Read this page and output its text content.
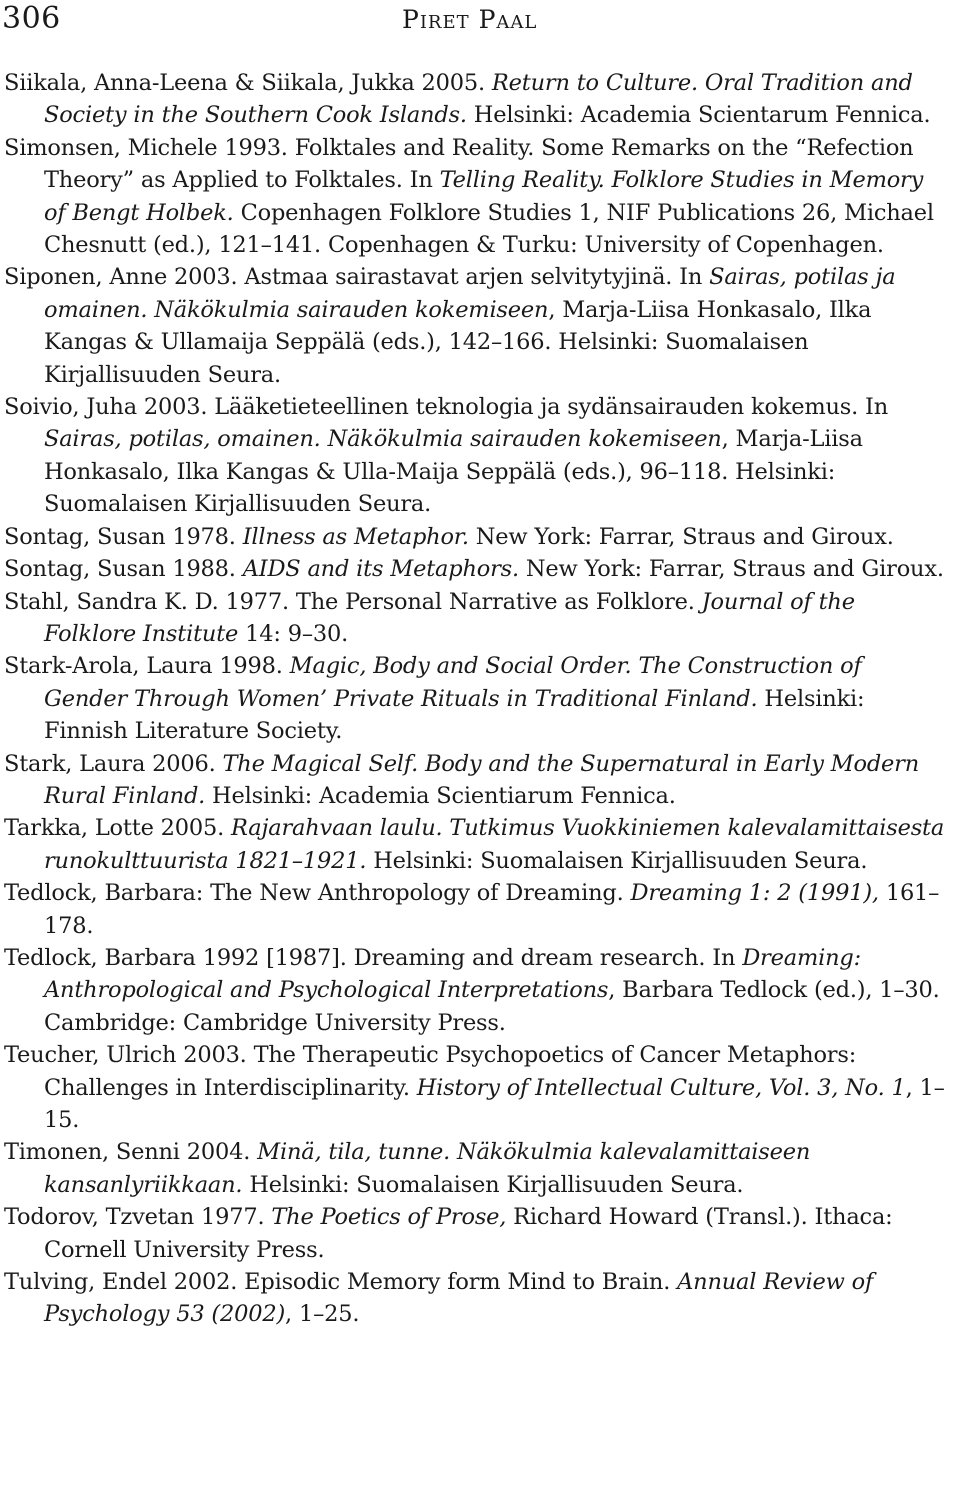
306	Piret Paal

Siikala, Anna-Leena & Siikala, Jukka 2005. Return to Culture. Oral Tradition and Society in the Southern Cook Islands. Helsinki: Academia Scientarum Fennica.

Simonsen, Michele 1993. Folktales and Reality. Some Remarks on the “Refection Theory” as Applied to Folktales. In Telling Reality. Folklore Studies in Memory of Bengt Holbek. Copenhagen Folklore Studies 1, NIF Publications 26, Michael Chesnutt (ed.), 121–141. Copenhagen & Turku: University of Copenhagen.

Siponen, Anne 2003. Astmaa sairastavat arjen selvitytyjinä. In Sairas, potilas ja omainen. Näkökulmia sairauden kokemiseen, Marja-Liisa Honkasalo, Ilka Kangas & Ullamaija Seppälä (eds.), 142–166. Helsinki: Suomalaisen Kirjallisuuden Seura.

Soivio, Juha 2003. Lääketieteellinen teknologia ja sydänsairauden kokemus. In Sairas, potilas, omainen. Näkökulmia sairauden kokemiseen, Marja-Liisa Honkasalo, Ilka Kangas & Ulla-Maija Seppälä (eds.), 96–118. Helsinki: Suomalaisen Kirjallisuuden Seura.

Sontag, Susan 1978. Illness as Metaphor. New York: Farrar, Straus and Giroux.

Sontag, Susan 1988. AIDS and its Metaphors. New York: Farrar, Straus and Giroux.

Stahl, Sandra K. D. 1977. The Personal Narrative as Folklore. Journal of the Folklore Institute 14: 9–30.

Stark-Arola, Laura 1998. Magic, Body and Social Order. The Construction of Gender Through Women’ Private Rituals in Traditional Finland. Helsinki: Finnish Literature Society.

Stark, Laura 2006. The Magical Self. Body and the Supernatural in Early Modern Rural Finland. Helsinki: Academia Scientiarum Fennica.

Tarkka, Lotte 2005. Rajarahvaan laulu. Tutkimus Vuokkiniemen kalevalamittaisesta runokulttuurista 1821–1921. Helsinki: Suomalaisen Kirjallisuuden Seura.

Tedlock, Barbara: The New Anthropology of Dreaming. Dreaming 1: 2 (1991), 161–178.

Tedlock, Barbara 1992 [1987]. Dreaming and dream research. In Dreaming: Anthropological and Psychological Interpretations, Barbara Tedlock (ed.), 1–30. Cambridge: Cambridge University Press.

Teucher, Ulrich 2003. The Therapeutic Psychopoetics of Cancer Metaphors: Challenges in Interdisciplinarity. History of Intellectual Culture, Vol. 3, No. 1, 1–15.

Timonen, Senni 2004. Minä, tila, tunne. Näkökulmia kalevalamittaiseen kansanlyriikkaan. Helsinki: Suomalaisen Kirjallisuuden Seura.

Todorov, Tzvetan 1977. The Poetics of Prose, Richard Howard (Transl.). Ithaca: Cornell University Press.

Tulving, Endel 2002. Episodic Memory form Mind to Brain. Annual Review of Psychology 53 (2002), 1–25.
